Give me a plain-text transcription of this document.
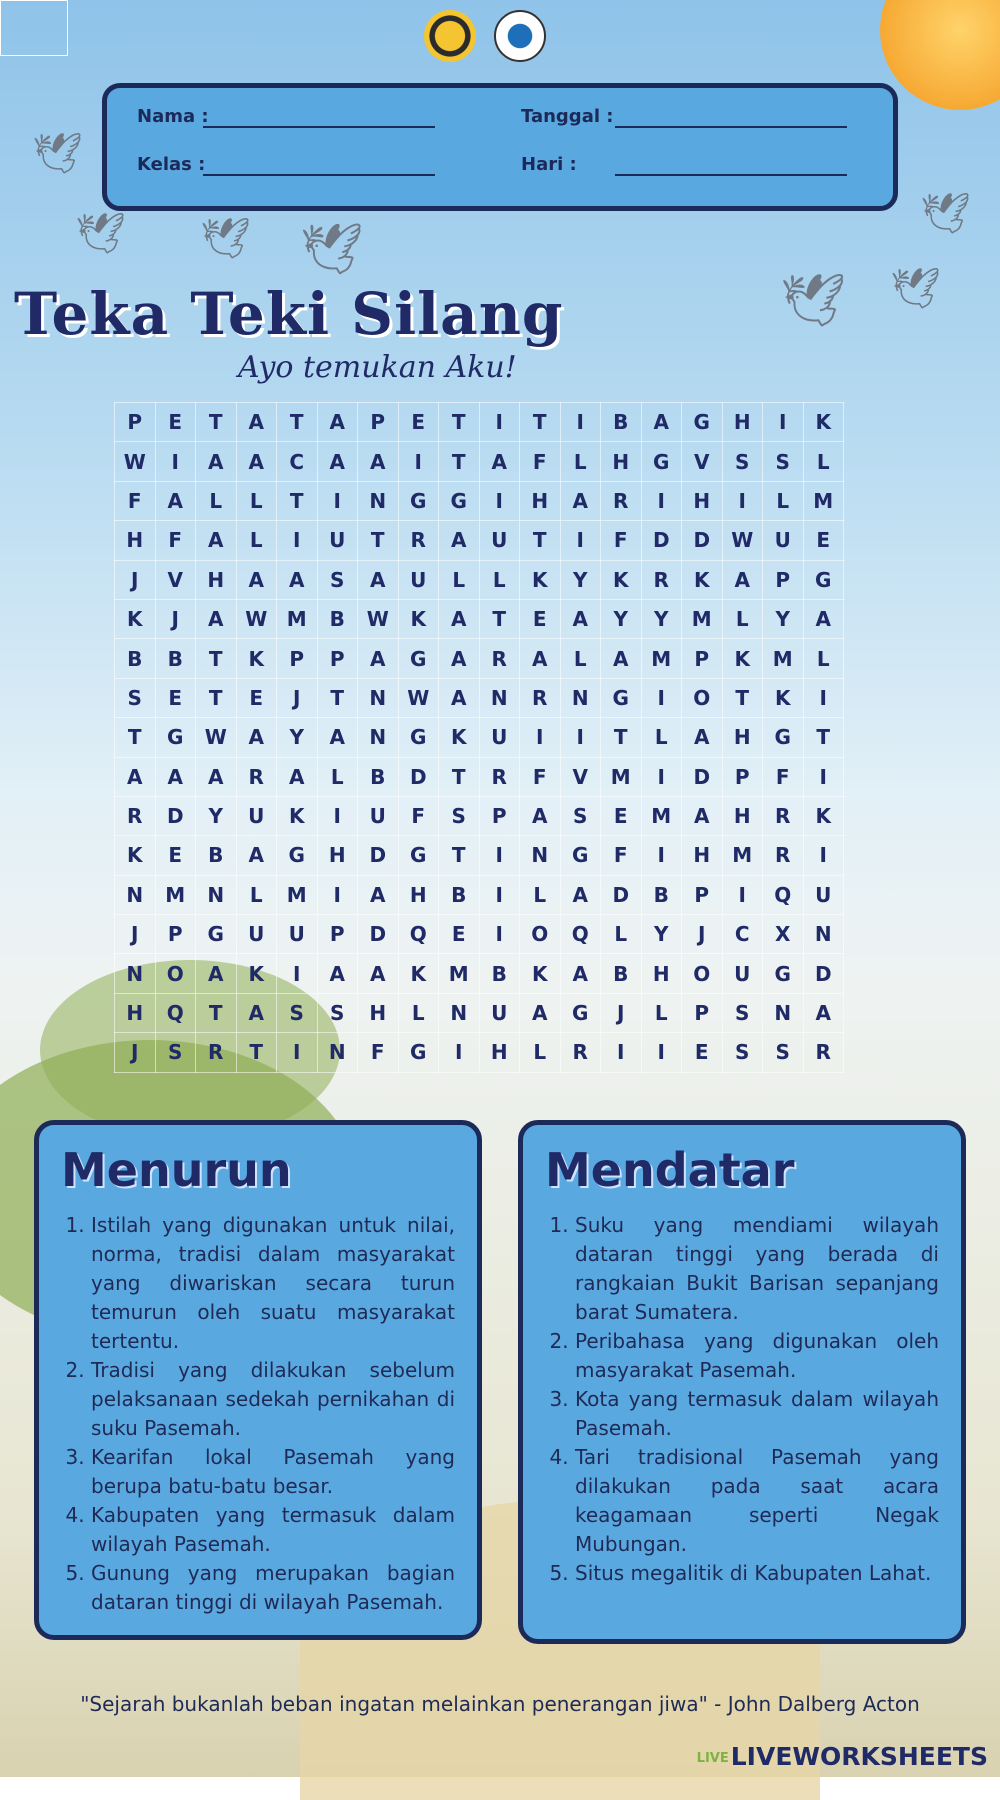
🕊
🕊 🕊 🕊
🕊 🕊
🕊
Nama :	Tanggal :
Kelas :	Hari :
Teka Teki Silang
Ayo temukan Aku!
P	E	T	A	T	A	P	E	T	I	T	I	B	A	G	H	I	K
W	I	A	A	C	A	A	I	T	A	F	L	H	G	V	S	S	L
F	A	L	L	T	I	N	G	G	I	H	A	R	I	H	I	L	M
H	F	A	L	I	U	T	R	A	U	T	I	F	D	D	W	U	E
J	V	H	A	A	S	A	U	L	L	K	Y	K	R	K	A	P	G
K	J	A	W	M	B	W	K	A	T	E	A	Y	Y	M	L	Y	A
B	B	T	K	P	P	A	G	A	R	A	L	A	M	P	K	M	L
S	E	T	E	J	T	N	W	A	N	R	N	G	I	O	T	K	I
T	G	W	A	Y	A	N	G	K	U	I	I	T	L	A	H	G	T
A	A	A	R	A	L	B	D	T	R	F	V	M	I	D	P	F	I
R	D	Y	U	K	I	U	F	S	P	A	S	E	M	A	H	R	K
K	E	B	A	G	H	D	G	T	I	N	G	F	I	H	M	R	I
N	M	N	L	M	I	A	H	B	I	L	A	D	B	P	I	Q	U
J	P	G	U	U	P	D	Q	E	I	O	Q	L	Y	J	C	X	N
N	O	A	K	I	A	A	K	M	B	K	A	B	H	O	U	G	D
H	Q	T	A	S	S	H	L	N	U	A	G	J	L	P	S	N	A
J	S	R	T	I	N	F	G	I	H	L	R	I	I	E	S	S	R
Menurun
1. Istilah yang digunakan untuk nilai, norma, tradisi dalam masyarakat yang diwariskan secara turun temurun oleh suatu masyarakat tertentu.
2. Tradisi yang dilakukan sebelum pelaksanaan sedekah pernikahan di suku Pasemah.
3. Kearifan lokal Pasemah yang berupa batu-batu besar.
4. Kabupaten yang termasuk dalam wilayah Pasemah.
5. Gunung yang merupakan bagian dataran tinggi di wilayah Pasemah.
Mendatar
1. Suku yang mendiami wilayah dataran tinggi yang berada di rangkaian Bukit Barisan sepanjang barat Sumatera.
2. Peribahasa yang digunakan oleh masyarakat Pasemah.
3. Kota yang termasuk dalam wilayah Pasemah.
4. Tari tradisional Pasemah yang dilakukan pada saat acara keagamaan seperti Negak Mubungan.
5. Situs megalitik di Kabupaten Lahat.
"Sejarah bukanlah beban ingatan melainkan penerangan jiwa" - John Dalberg Acton
LIVELIVEWORKSHEETS
